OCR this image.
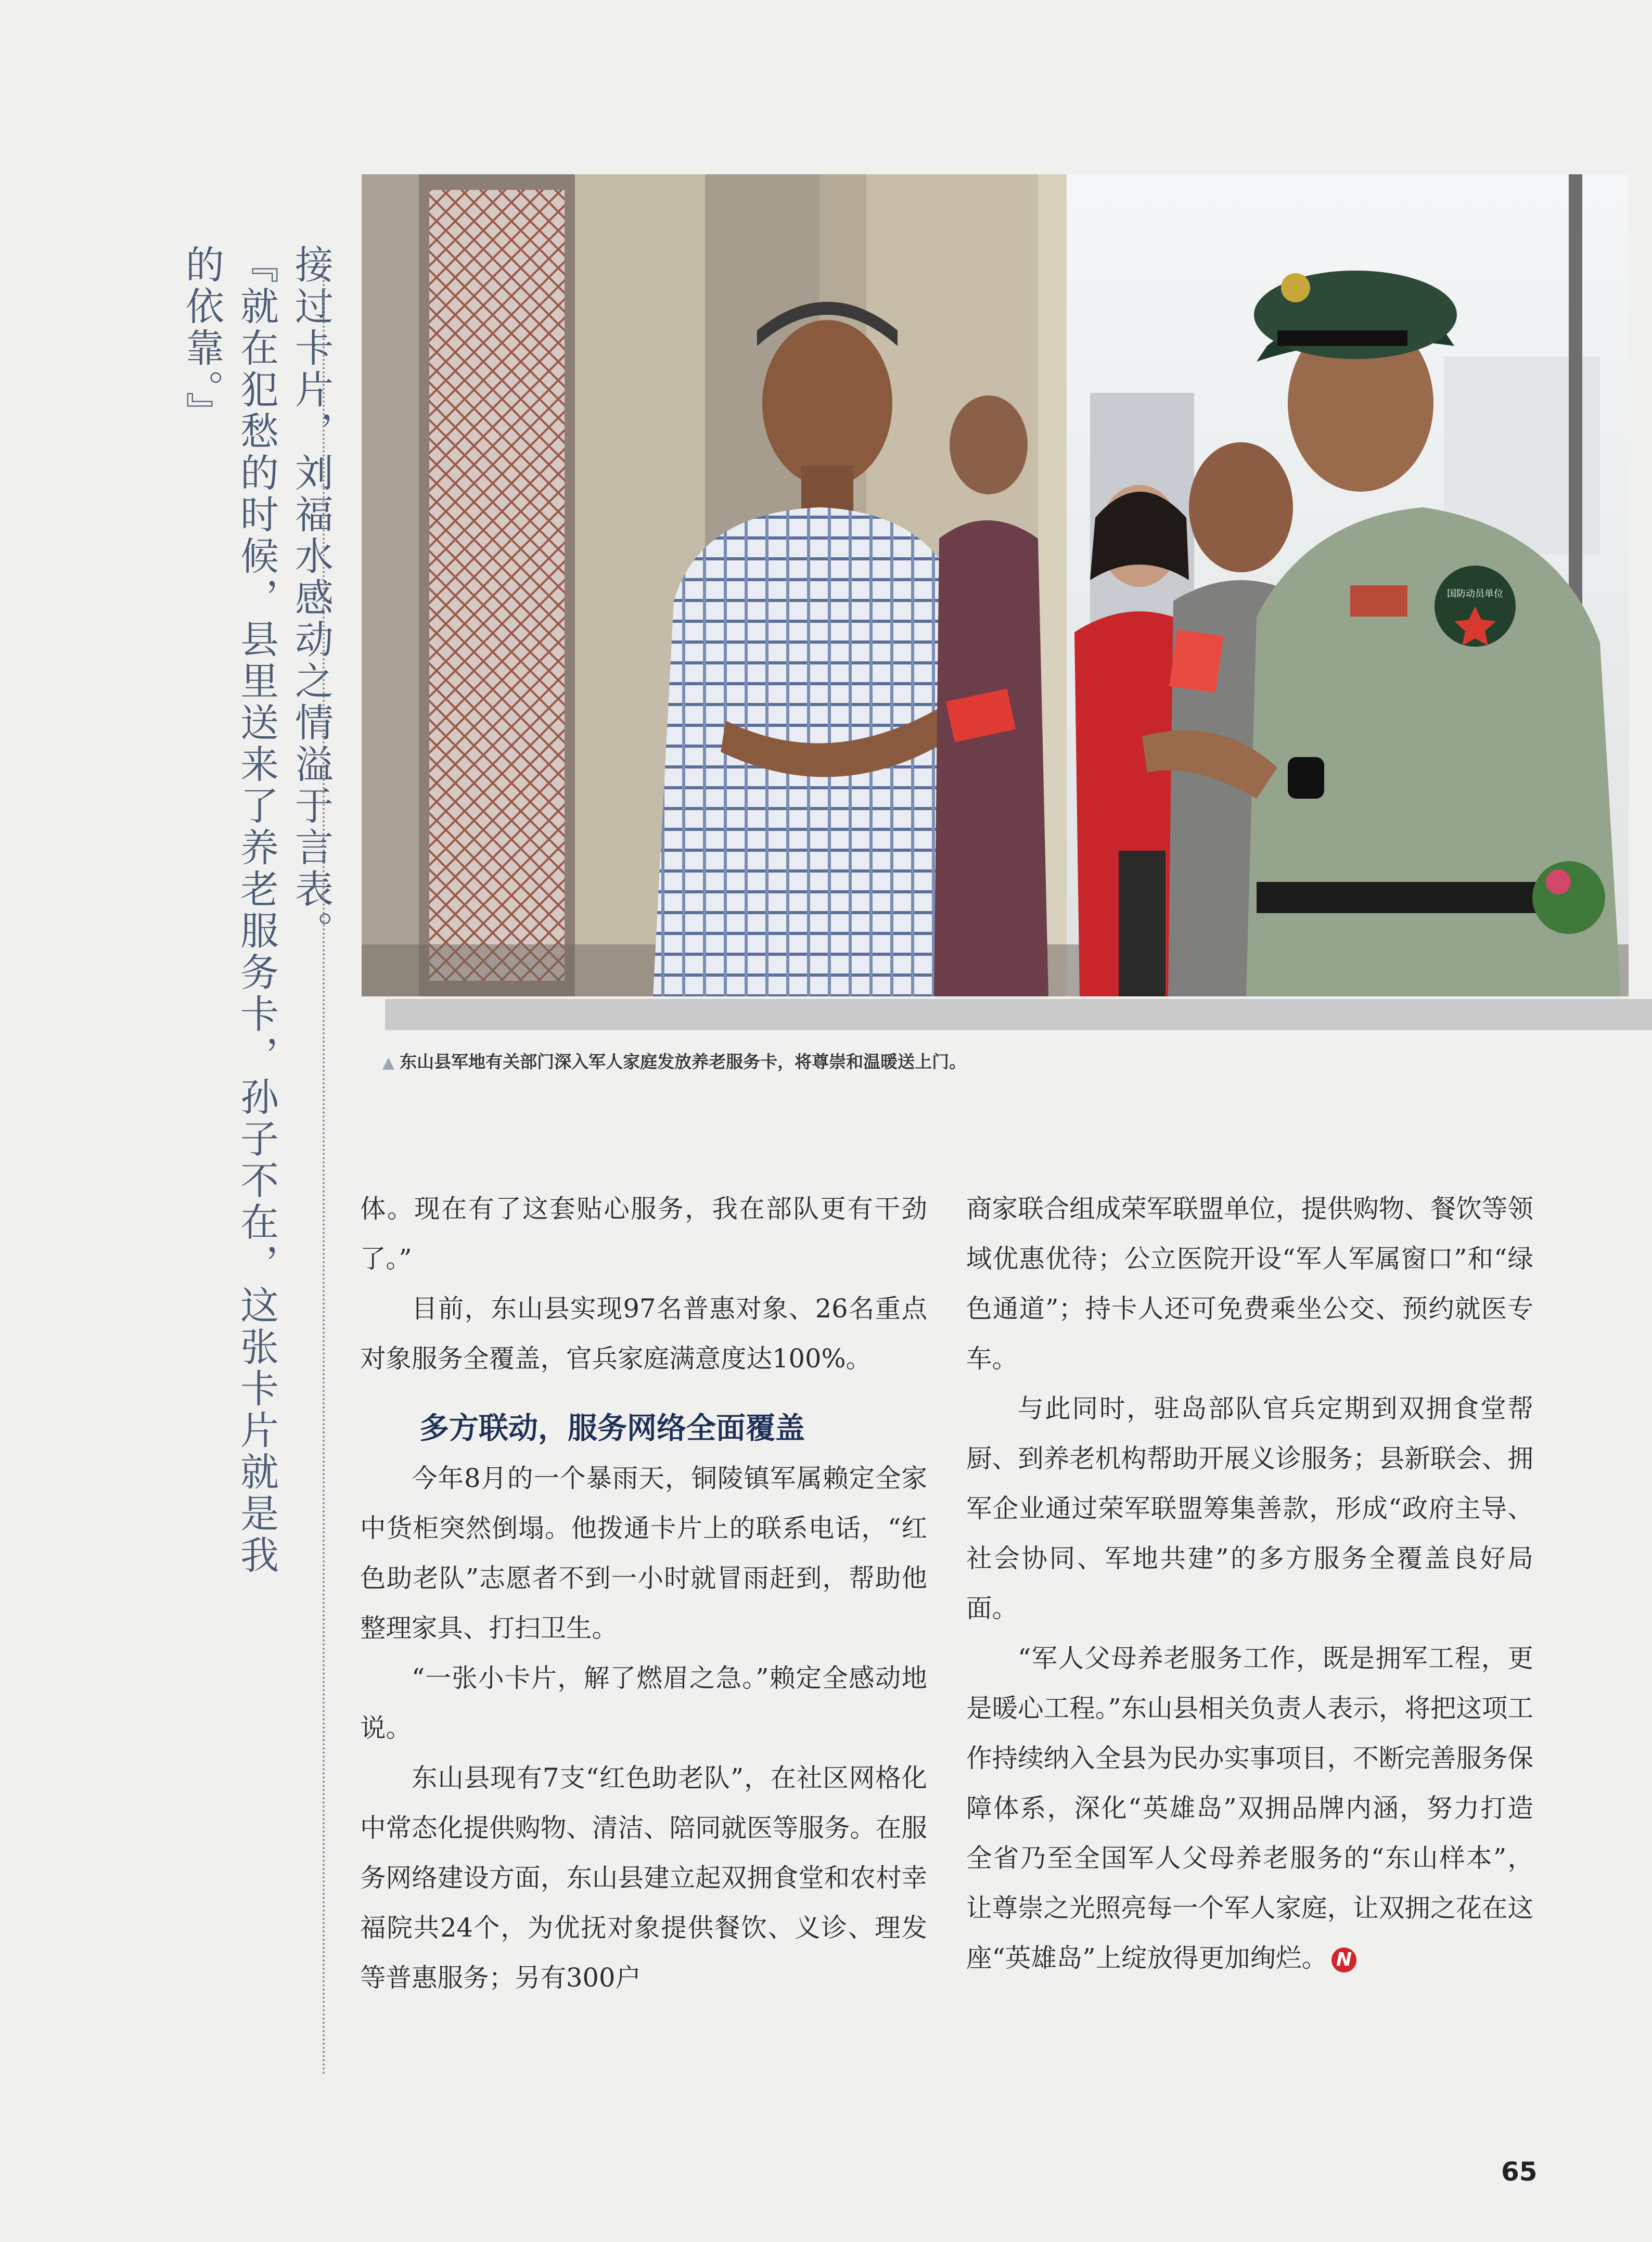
接过卡片，刘福水感动之情溢于言表。

『就在犯愁的时候，县里送来了养老服务卡，孙子不在，这张卡片就是我的依靠。』

国防动员单位
▲ 东山县军地有关部门深入军人家庭发放养老服务卡，将尊崇和温暖送上门。

体。现在有了这套贴心服务，我在部队更有干劲了。”

目前，东山县实现97名普惠对象、26名重点对象服务全覆盖，官兵家庭满意度达100%。

多方联动，服务网络全面覆盖

今年8月的一个暴雨天，铜陵镇军属赖定全家中货柜突然倒塌。他拨通卡片上的联系电话，“红色助老队”志愿者不到一小时就冒雨赶到，帮助他整理家具、打扫卫生。

“一张小卡片，解了燃眉之急。”赖定全感动地说。

东山县现有7支“红色助老队”，在社区网格化中常态化提供购物、清洁、陪同就医等服务。在服务网络建设方面，东山县建立起双拥食堂和农村幸福院共24个，为优抚对象提供餐饮、义诊、理发等普惠服务；另有300户

商家联合组成荣军联盟单位，提供购物、餐饮等领域优惠优待；公立医院开设“军人军属窗口”和“绿色通道”；持卡人还可免费乘坐公交、预约就医专车。

与此同时，驻岛部队官兵定期到双拥食堂帮厨、到养老机构帮助开展义诊服务；县新联会、拥军企业通过荣军联盟筹集善款，形成“政府主导、社会协同、军地共建”的多方服务全覆盖良好局面。

“军人父母养老服务工作，既是拥军工程，更是暖心工程。”东山县相关负责人表示，将把这项工作持续纳入全县为民办实事项目，不断完善服务保障体系，深化“英雄岛”双拥品牌内涵，努力打造全省乃至全国军人父母养老服务的“东山样本”，让尊崇之光照亮每一个军人家庭，让双拥之花在这座“英雄岛”上绽放得更加绚烂。 N

65
